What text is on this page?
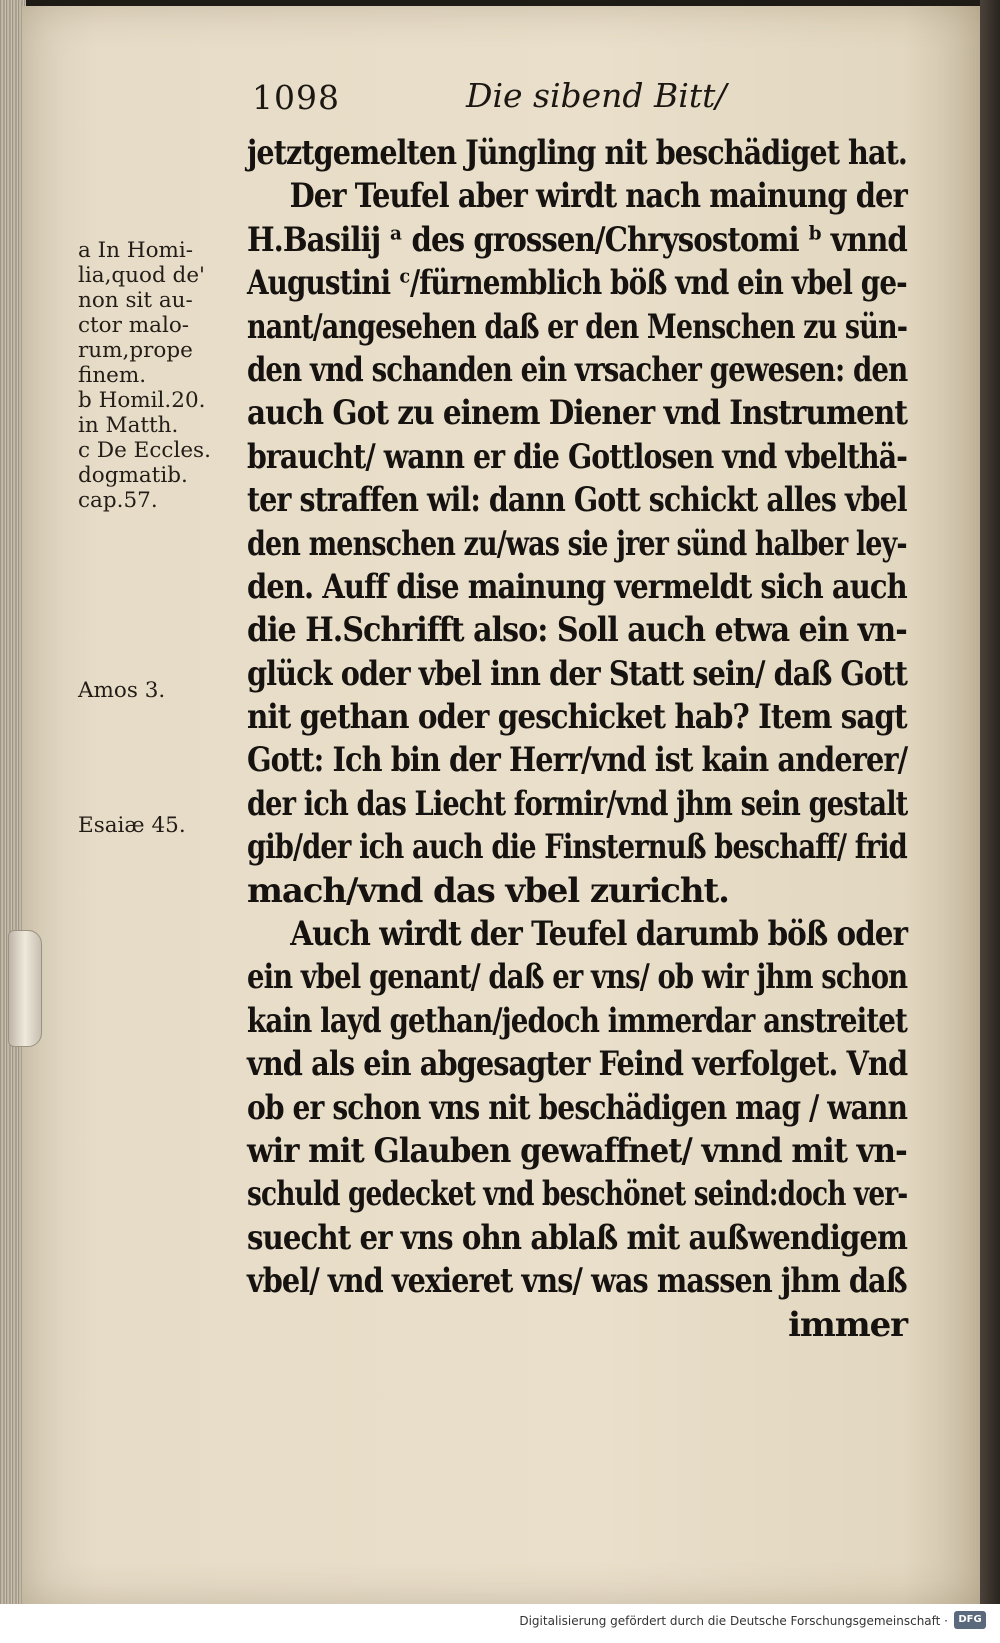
1098	Die sibend Bitt/
jetztgemelten Jüngling nit beschädiget hat.
Der Teufel aber wirdt nach mainung der
H.Basilij ᵃ des grossen/Chrysostomi ᵇ vnnd
Augustini ᶜ/fürnemblich böß vnd ein vbel ge-
nant/angesehen daß er den Menschen zu sün-
den vnd schanden ein vrsacher gewesen: den
auch Got zu einem Diener vnd Instrument
braucht/ wann er die Gottlosen vnd vbelthä-
ter straffen wil: dann Gott schickt alles vbel
den menschen zu/was sie jrer sünd halber ley-
den. Auff dise mainung vermeldt sich auch
die H.Schrifft also: Soll auch etwa ein vn-
glück oder vbel inn der Statt sein/ daß Gott
nit gethan oder geschicket hab? Item sagt
Gott: Ich bin der Herr/vnd ist kain anderer/
der ich das Liecht formir/vnd jhm sein gestalt
gib/der ich auch die Finsternuß beschaff/ frid
mach/vnd das vbel zuricht.
Auch wirdt der Teufel darumb böß oder
ein vbel genant/ daß er vns/ ob wir jhm schon
kain layd gethan/jedoch immerdar anstreitet
vnd als ein abgesagter Feind verfolget. Vnd
ob er schon vns nit beschädigen mag / wann
wir mit Glauben gewaffnet/ vnnd mit vn-
schuld gedecket vnd beschönet seind:doch ver-
suecht er vns ohn ablaß mit außwendigem
vbel/ vnd vexieret vns/ was massen jhm daß
immer
a In Homi-
lia,quod de'
non sit au-
ctor malo-
rum,prope
finem.
b Homil.20.
in Matth.
c De Eccles.
dogmatib.
cap.57.
Amos 3.
Esaiæ 45.
Digitalisierung gefördert durch die Deutsche Forschungsgemeinschaft ·	DFG
